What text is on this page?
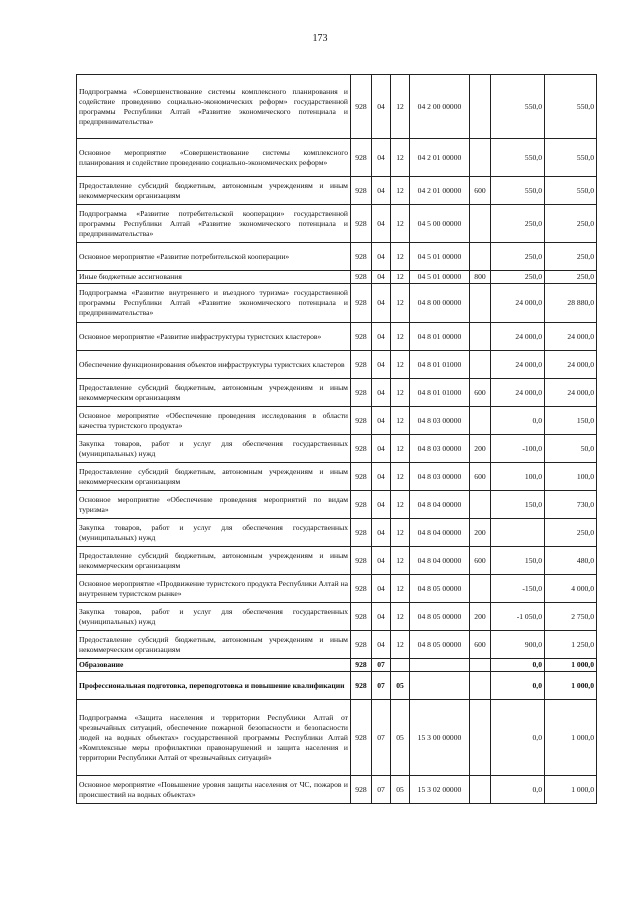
173
Подпрограмма «Совершенствование системы комплексного планирования и содействие проведению социально-экономических реформ» государственной программы Республики Алтай «Развитие экономического потенциала и предпринимательства»	928	04	12	04 2 00 00000		550,0	550,0
Основное мероприятие «Совершенствование системы комплексного планирования и содействие проведению социально-экономических реформ»	928	04	12	04 2 01 00000		550,0	550,0
Предоставление субсидий бюджетным, автономным учреждениям и иным некоммерческим организациям	928	04	12	04 2 01 00000	600	550,0	550,0
Подпрограмма «Развитие потребительской кооперации» государственной программы Республики Алтай «Развитие экономического потенциала и предпринимательства»	928	04	12	04 5 00 00000		250,0	250,0
Основное мероприятие «Развитие потребительской кооперации»	928	04	12	04 5 01 00000		250,0	250,0
Иные бюджетные ассигнования	928	04	12	04 5 01 00000	800	250,0	250,0
Подпрограмма «Развитие внутреннего и въездного туризма» государственной программы Республики Алтай «Развитие экономического потенциала и предпринимательства»	928	04	12	04 8 00 00000		24 000,0	28 880,0
Основное мероприятие «Развитие инфраструктуры туристских кластеров»	928	04	12	04 8 01 00000		24 000,0	24 000,0
Обеспечение функционирования объектов инфраструктуры туристских кластеров	928	04	12	04 8 01 01000		24 000,0	24 000,0
Предоставление субсидий бюджетным, автономным учреждениям и иным некоммерческим организациям	928	04	12	04 8 01 01000	600	24 000,0	24 000,0
Основное мероприятие «Обеспечение проведения исследования в области качества туристского продукта»	928	04	12	04 8 03 00000		0,0	150,0
Закупка товаров, работ и услуг для обеспечения государственных (муниципальных) нужд	928	04	12	04 8 03 00000	200	-100,0	50,0
Предоставление субсидий бюджетным, автономным учреждениям и иным некоммерческим организациям	928	04	12	04 8 03 00000	600	100,0	100,0
Основное мероприятие «Обеспечение проведения мероприятий по видам туризма»	928	04	12	04 8 04 00000		150,0	730,0
Закупка товаров, работ и услуг для обеспечения государственных (муниципальных) нужд	928	04	12	04 8 04 00000	200		250,0
Предоставление субсидий бюджетным, автономным учреждениям и иным некоммерческим организациям	928	04	12	04 8 04 00000	600	150,0	480,0
Основное мероприятие «Продвижение туристского продукта Республики Алтай на внутреннем туристском рынке»	928	04	12	04 8 05 00000		-150,0	4 000,0
Закупка товаров, работ и услуг для обеспечения государственных (муниципальных) нужд	928	04	12	04 8 05 00000	200	-1 050,0	2 750,0
Предоставление субсидий бюджетным, автономным учреждениям и иным некоммерческим организациям	928	04	12	04 8 05 00000	600	900,0	1 250,0
Образование	928	07				0,0	1 000,0
Профессиональная подготовка, переподготовка и повышение квалификации	928	07	05			0,0	1 000,0
Подпрограмма «Защита населения и территории Республики Алтай от чрезвычайных ситуаций, обеспечение пожарной безопасности и безопасности людей на водных объектах» государственной программы Республики Алтай «Комплексные меры профилактики правонарушений и защита населения и территории Республики Алтай от чрезвычайных ситуаций»	928	07	05	15 3 00 00000		0,0	1 000,0
Основное мероприятие «Повышение уровня защиты населения от ЧС, пожаров и происшествий на водных объектах»	928	07	05	15 3 02 00000		0,0	1 000,0
